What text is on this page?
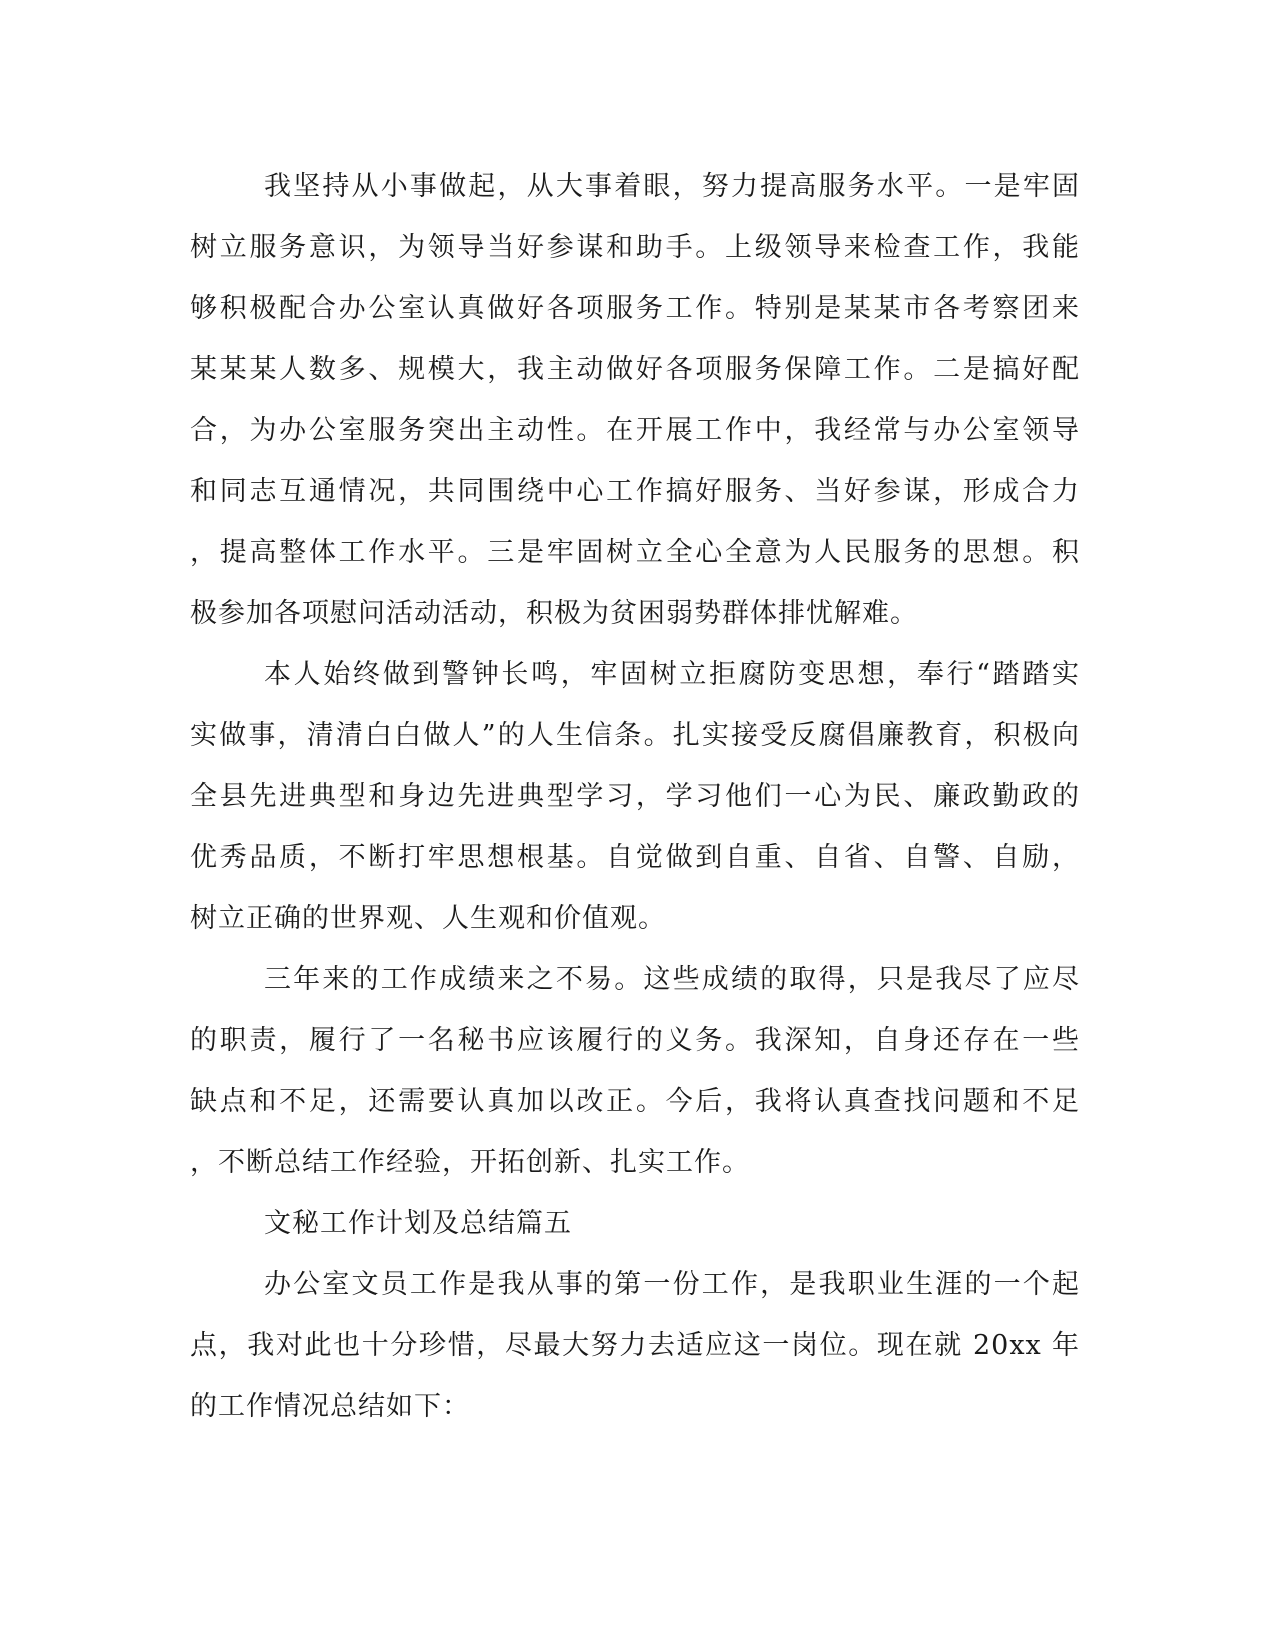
我坚持从小事做起，从大事着眼，努力提高服务水平。一是牢固
树立服务意识，为领导当好参谋和助手。上级领导来检查工作，我能
够积极配合办公室认真做好各项服务工作。特别是某某市各考察团来
某某某人数多、规模大，我主动做好各项服务保障工作。二是搞好配
合，为办公室服务突出主动性。在开展工作中，我经常与办公室领导
和同志互通情况，共同围绕中心工作搞好服务、当好参谋，形成合力
，提高整体工作水平。三是牢固树立全心全意为人民服务的思想。积
极参加各项慰问活动活动，积极为贫困弱势群体排忧解难。
本人始终做到警钟长鸣，牢固树立拒腐防变思想，奉行“踏踏实
实做事，清清白白做人”的人生信条。扎实接受反腐倡廉教育，积极向
全县先进典型和身边先进典型学习，学习他们一心为民、廉政勤政的
优秀品质，不断打牢思想根基。自觉做到自重、自省、自警、自励，
树立正确的世界观、人生观和价值观。
三年来的工作成绩来之不易。这些成绩的取得，只是我尽了应尽
的职责，履行了一名秘书应该履行的义务。我深知，自身还存在一些
缺点和不足，还需要认真加以改正。今后，我将认真查找问题和不足
，不断总结工作经验，开拓创新、扎实工作。
文秘工作计划及总结篇五
办公室文员工作是我从事的第一份工作，是我职业生涯的一个起
点，我对此也十分珍惜，尽最大努力去适应这一岗位。现在就 20xx 年
的工作情况总结如下：
